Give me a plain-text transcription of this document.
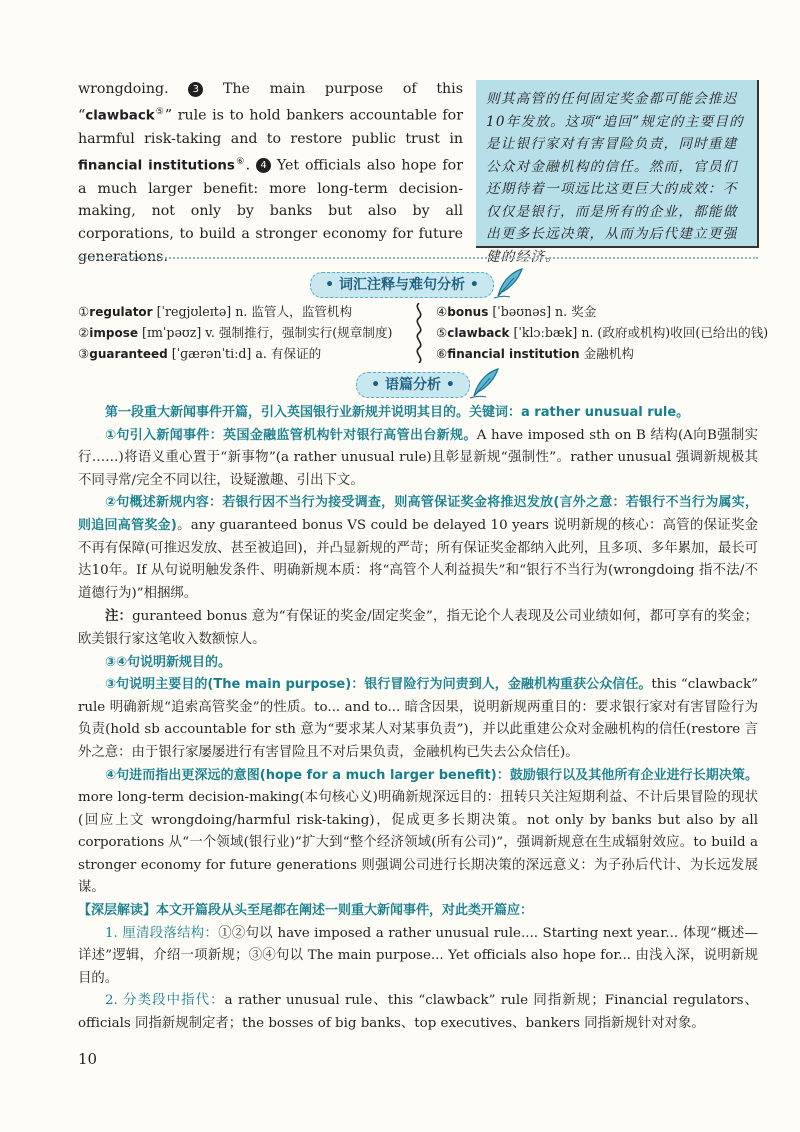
wrongdoing. 3 The main purpose of this “clawback⑤” rule is to hold bankers accountable for harmful risk-taking and to restore public trust in financial institutions⑥. 4 Yet officials also hope for a much larger benefit: more long-term decision-making, not only by banks but also by all corporations, to build a stronger economy for future generations.

则其高管的任何固定奖金都可能会推迟10年发放。这项“追回”规定的主要目的是让银行家对有害冒险负责，同时重建公众对金融机构的信任。然而，官员们还期待着一项远比这更巨大的成效：不仅仅是银行，而是所有的企业，都能做出更多长远决策，从而为后代建立更强健的经济。

• 词汇注释与难句分析 •
①regulator [ˈregjʊleɪtə] n. 监管人，监管机构
②impose [ɪmˈpəʊz] v. 强制推行，强制实行(规章制度)
③guaranteed [ˈɡærənˈtiːd] a. 有保证的
④bonus [ˈbəʊnəs] n. 奖金
⑤clawback [ˈklɔːbæk] n. (政府或机构)收回(已给出的钱)
⑥financial institution 金融机构
• 语篇分析 •

第一段重大新闻事件开篇，引入英国银行业新规并说明其目的。关键词：a rather unusual rule。

①句引入新闻事件：英国金融监管机构针对银行高管出台新规。A have imposed sth on B 结构(A向B强制实行……)将语义重心置于“新事物”(a rather unusual rule)且彰显新规“强制性”。rather unusual 强调新规极其不同寻常/完全不同以往，设疑激趣、引出下文。

②句概述新规内容：若银行因不当行为接受调查，则高管保证奖金将推迟发放(言外之意：若银行不当行为属实，则追回高管奖金)。any guaranteed bonus VS could be delayed 10 years 说明新规的核心：高管的保证奖金不再有保障(可推迟发放、甚至被追回)，并凸显新规的严苛；所有保证奖金都纳入此列，且多项、多年累加，最长可达10年。If 从句说明触发条件、明确新规本质：将“高管个人利益损失”和“银行不当行为(wrongdoing 指不法/不道德行为)”相捆绑。

注：guranteed bonus 意为“有保证的奖金/固定奖金”，指无论个人表现及公司业绩如何，都可享有的奖金；欧美银行家这笔收入数额惊人。

③④句说明新规目的。

③句说明主要目的(The main purpose)：银行冒险行为问责到人，金融机构重获公众信任。this “clawback” rule 明确新规“追索高管奖金”的性质。to... and to... 暗含因果，说明新规两重目的：要求银行家对有害冒险行为负责(hold sb accountable for sth 意为“要求某人对某事负责”)，并以此重建公众对金融机构的信任(restore 言外之意：由于银行家屡屡进行有害冒险且不对后果负责，金融机构已失去公众信任)。

④句进而指出更深远的意图(hope for a much larger benefit)：鼓励银行以及其他所有企业进行长期决策。more long-term decision-making(本句核心义)明确新规深远目的：扭转只关注短期利益、不计后果冒险的现状(回应上文 wrongdoing/harmful risk-taking)，促成更多长期决策。not only by banks but also by all corporations 从“一个领域(银行业)”扩大到“整个经济领域(所有公司)”，强调新规意在生成辐射效应。to build a stronger economy for future generations 则强调公司进行长期决策的深远意义：为子孙后代计、为长远发展谋。

【深层解读】本文开篇段从头至尾都在阐述一则重大新闻事件，对此类开篇应：

1. 厘清段落结构：①②句以 have imposed a rather unusual rule.... Starting next year... 体现“概述—详述”逻辑，介绍一项新规；③④句以 The main purpose... Yet officials also hope for... 由浅入深，说明新规目的。

2. 分类段中指代：a rather unusual rule、this “clawback” rule 同指新规；Financial regulators、officials 同指新规制定者；the bosses of big banks、top executives、bankers 同指新规针对对象。

10
